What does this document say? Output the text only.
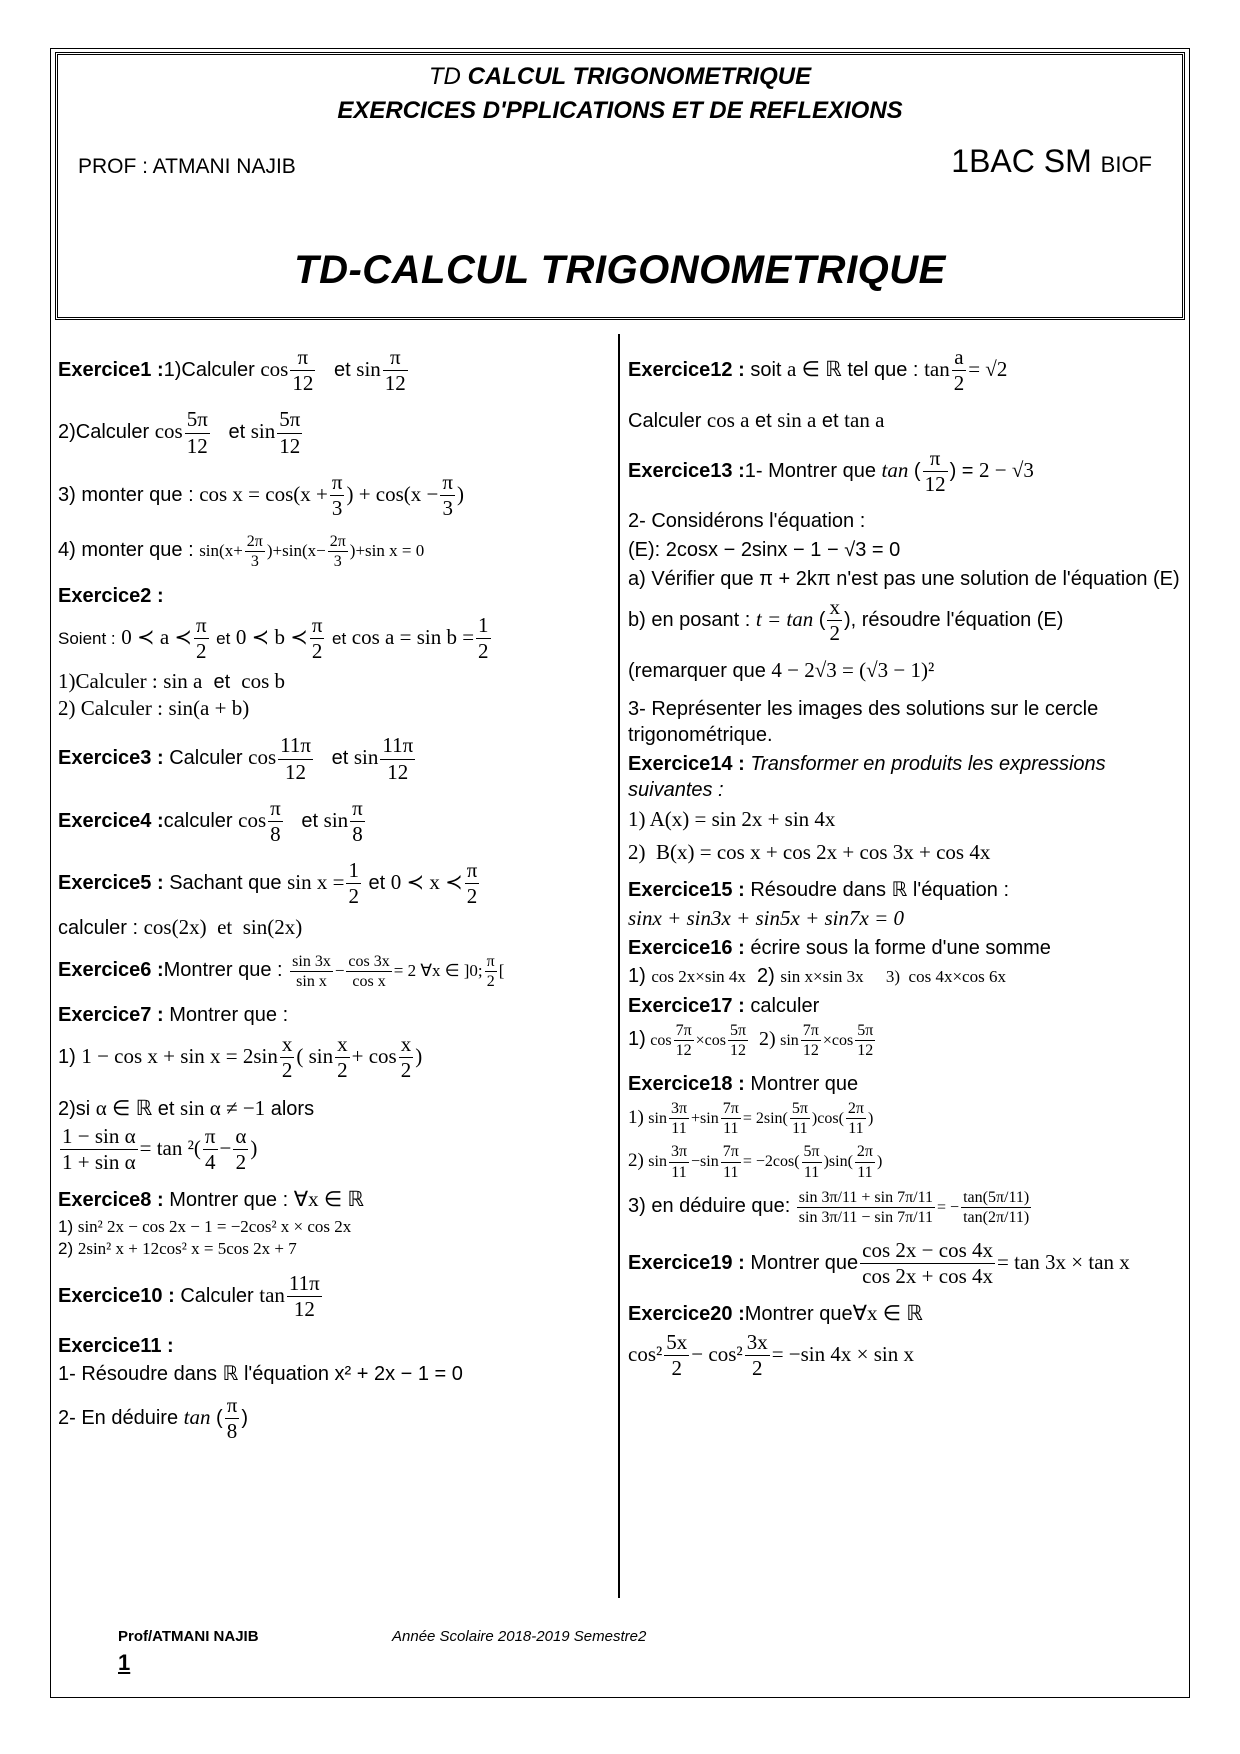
TD CALCUL TRIGONOMETRIQUE
EXERCICES D'PPLICATIONS ET DE REFLEXIONS
PROF : ATMANI NAJIB	1BAC SM BIOF
TD-CALCUL TRIGONOMETRIQUE
Exercice1 :1)Calculer $\cos \frac{\pi}{12}$ et $\sin \frac{\pi}{12}$
2)Calculer $\cos \frac{5\pi}{12}$ et $\sin \frac{5\pi}{12}$
3) monter que : $\cos x = \cos(x + \frac{\pi}{3}$ ) + $\cos(x - \frac{\pi}{3}$ )
4) monter que : $\sin(x+ \frac{2\pi}{3} )+\sin(x- \frac{2\pi}{3} )+\sin$ x = 0
Exercice2 :
Soient : 0 ≺ a ≺ $\frac{\pi}{2}$ et 0 ≺ b ≺ $\frac{\pi}{2}$ et $\cos a = \sin b = \frac{1}{2}$
1)Calculer : sin a  et  cos b
2) Calculer : sin(a + b)
Exercice3 : Calculer $\cos \frac{11\pi}{12}$ et $\sin \frac{11\pi}{12}$
Exercice4 :calculer $\cos \frac{\pi}{8}$ et $\sin \frac{\pi}{8}$
Exercice5 : Sachant que $\sin x = \frac{1}{2}$ et 0 ≺ x ≺ $\frac{\pi}{2}$
calculer : cos(2x)  et  sin(2x)
Exercice6 :Montrer que : $\frac{\sin 3x}{\text{sin x}} - \frac{\cos 3x}{\text{cos x}} = 2$ ∀x ∈ ]0; $\frac{\pi}{2}$ [
Exercice7 : Montrer que :
1) $1 - \cos x + \sin x = 2\sin \frac{x}{2}$ ( $\sin \frac{x}{2} + \cos \frac{x}{2}$ )
2)si α ∈ ℝ et sin α ≠ −1 alors
$\frac{\text{1 − sin α}}{\text{1 + sin α}} = \tan ^2( \frac{\pi}{4} - \frac{\alpha}{2}$ )
Exercice8 : Montrer que : ∀x ∈ ℝ
1) sin² 2x − cos 2x − 1 = −2cos² x × cos 2x
2) 2sin² x + 12cos² x = 5cos 2x + 7
Exercice10 : Calculer $\tan \frac{11\pi}{12}$
Exercice11 :
1- Résoudre dans ℝ l'équation x² + 2x − 1 = 0
2- En déduire tan ( $\frac{\pi}{8}$ )
Exercice12 : soit a ∈ ℝ tel que : $\tan \frac{a}{2} = √2$
Calculer cos a et sin a et tan a
Exercice13 :1- Montrer que tan ( $\frac{\pi}{12}$ ) = 2 − √3
2- Considérons l'équation :
(E): 2cosx − 2sinx − 1 − √3 = 0
a) Vérifier que π + 2kπ n'est pas une solution de l'équation (E)
b) en posant : t = tan ( $\frac{x}{2}$ ), résoudre l'équation (E)
(remarquer que 4 − 2√3 = (√3 − 1)²
3- Représenter les images des solutions sur le cercle trigonométrique.
Exercice14 : Transformer en produits les expressions suivantes :
1) A(x) = sin 2x + sin 4x
2)  B(x) = cos x + cos 2x + cos 3x + cos 4x
Exercice15 : Résoudre dans ℝ l'équation :
sinx + sin3x + sin5x + sin7x = 0
Exercice16 : écrire sous la forme d'une somme
1) cos 2x×sin 4x  2) sin x×sin 3x 3)  cos 4x×cos 6x
Exercice17 : calculer
1) $\cos \frac{7\pi}{12} \times\cos \frac{5\pi}{12} 2$) $\sin \frac{7\pi}{12} \times\cos \frac{5\pi}{12}$
Exercice18 : Montrer que
1) $\sin \frac{3\pi}{11} +\sin \frac{7\pi}{11} = 2\sin( \frac{5\pi}{11} )\cos( \frac{2\pi}{11}$ )
2) $\sin \frac{3\pi}{11} -\sin \frac{7\pi}{11} = -2\cos( \frac{5\pi}{11} )\sin( \frac{2\pi}{11}$ )
3) en déduire que: $\frac{\sin 3\pi/11 + \sin 7\pi/11}{\sin 3\pi/11 - \sin 7\pi/11}$ = − $\frac{\tan(5\pi/11)}{\tan(2\pi/11)}$
Exercice19 : Montrer que $\frac{\cos 2x - \cos 4x}{\cos 2x + \cos 4x} = \tan 3x \times \tan x$
Exercice20 :Montrer que∀x ∈ ℝ
$\cos^2 \frac{5x}{2} - \cos^2 \frac{3x}{2} = -\sin$ 4x × sin x
Prof/ATMANI NAJIB	Année Scolaire 2018-2019 Semestre2
1
